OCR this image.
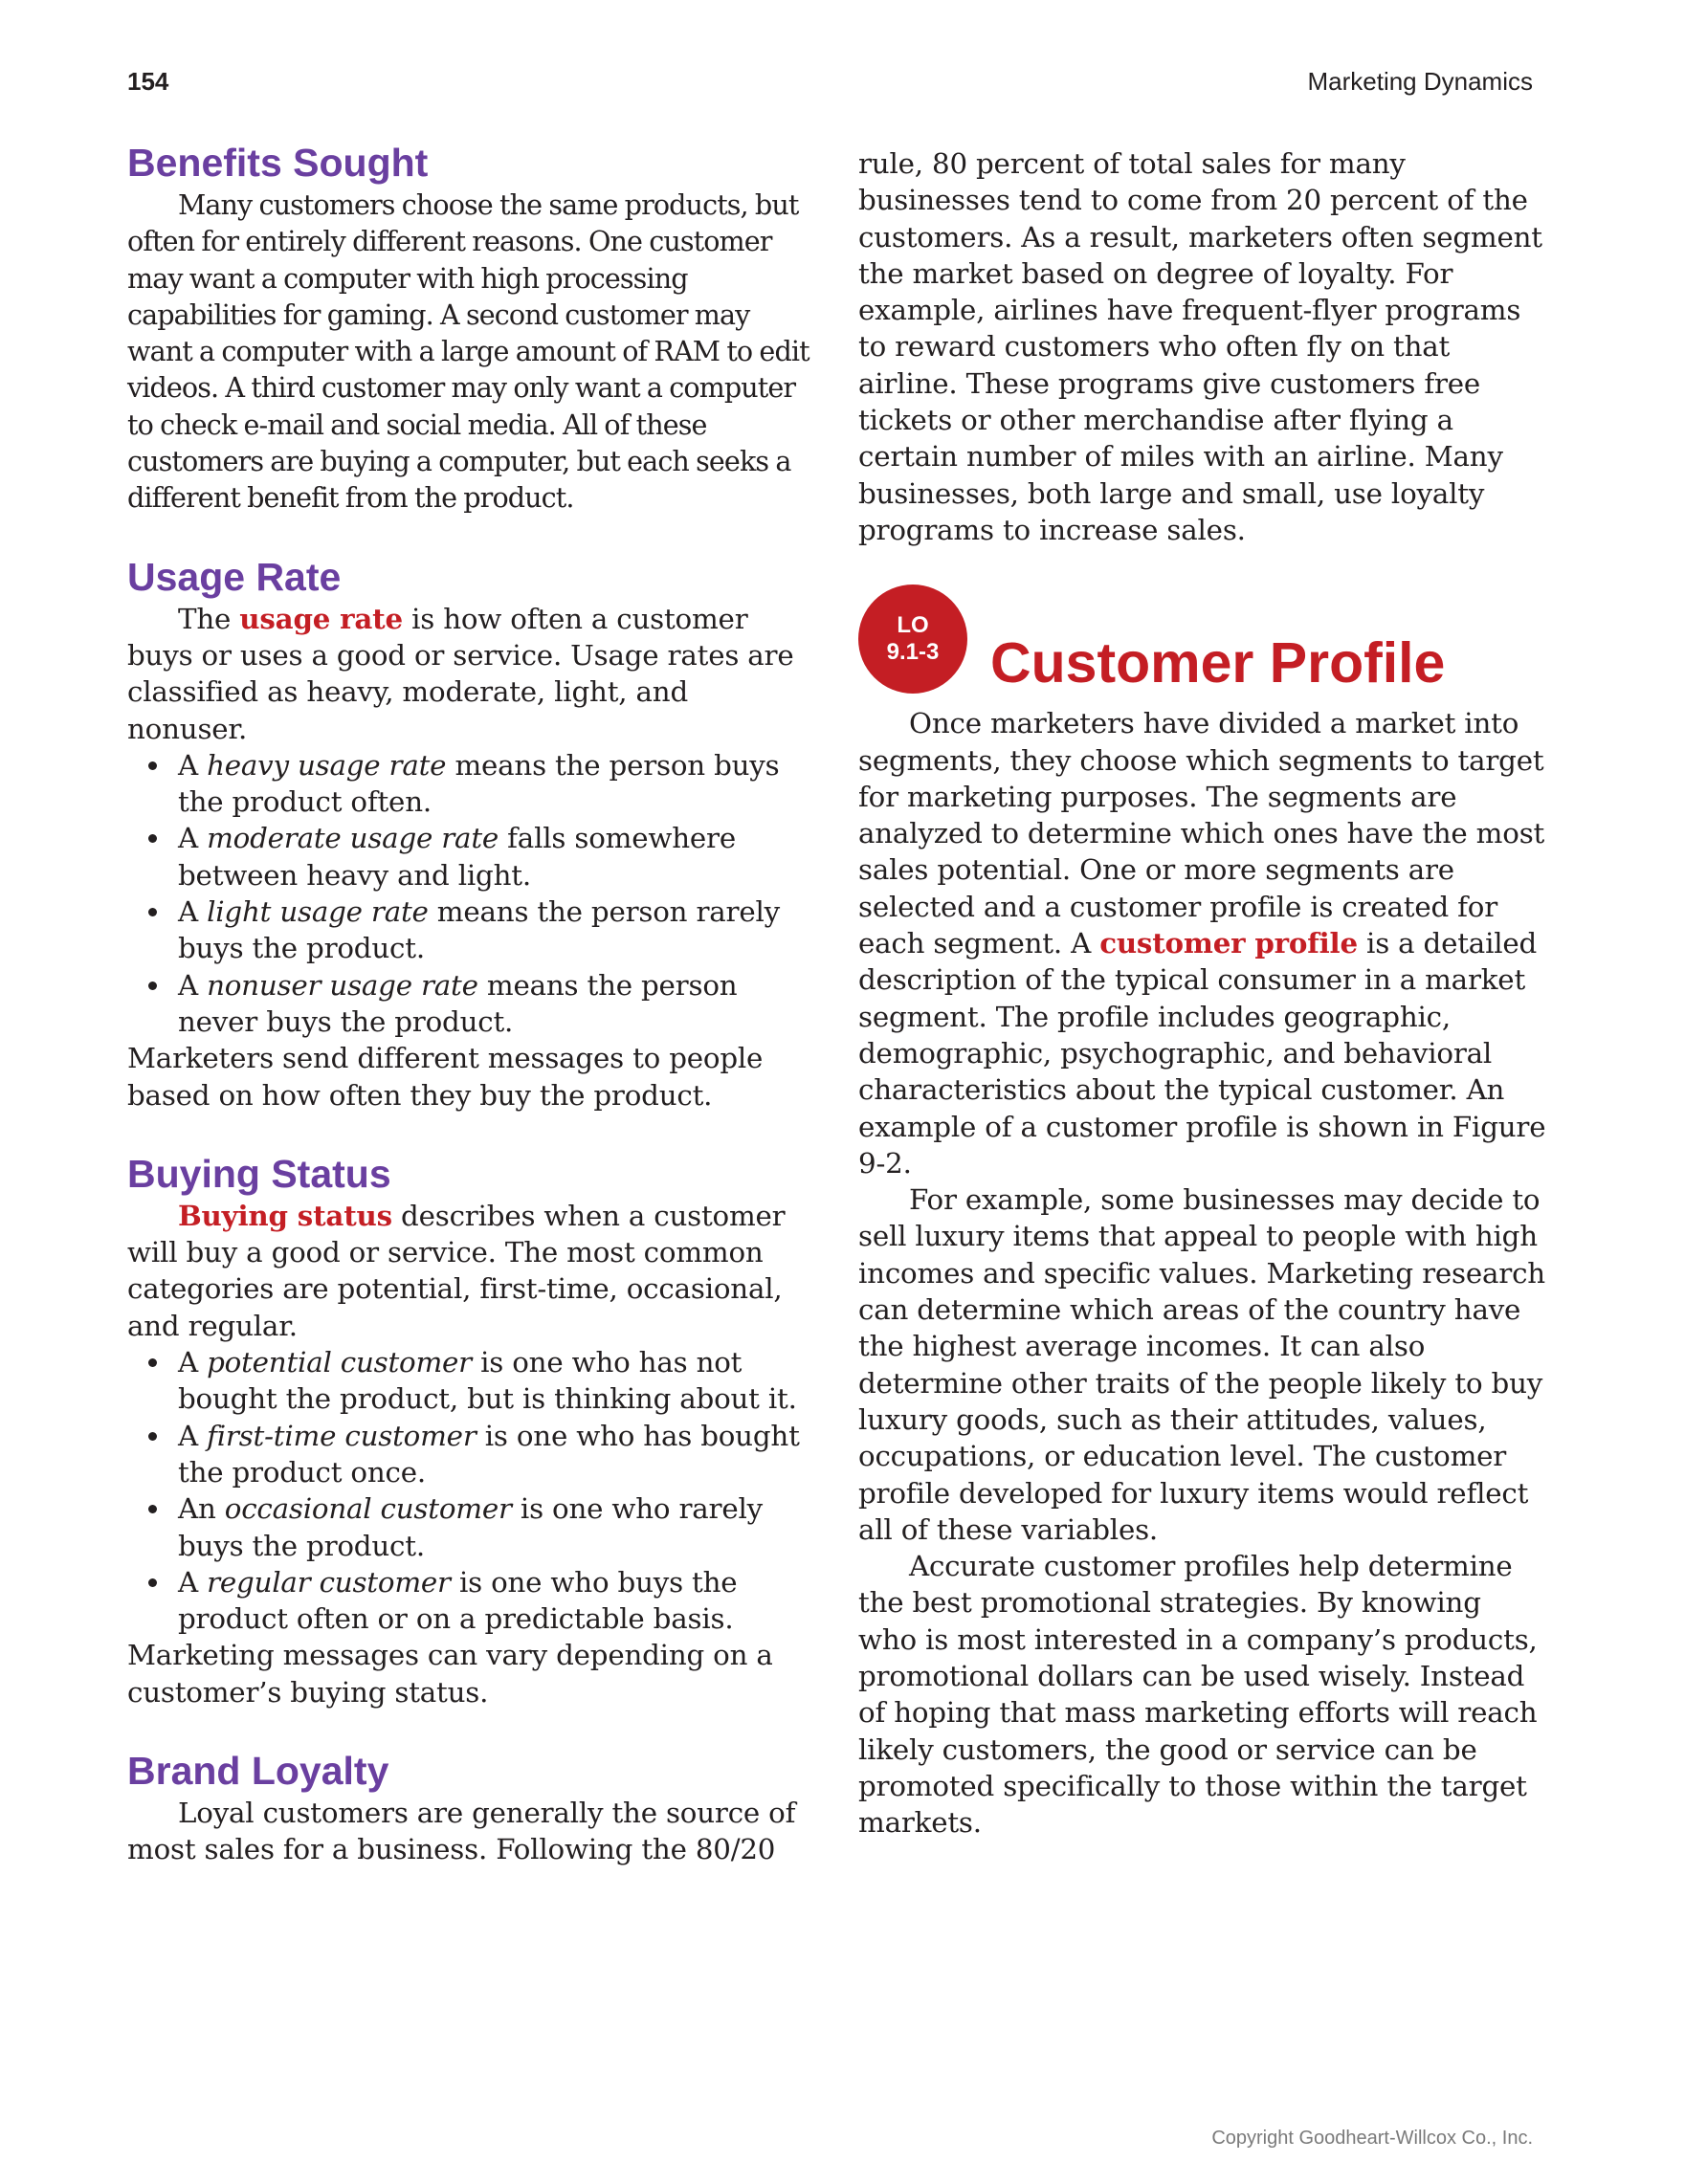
154	Marketing Dynamics
Benefits Sought

Many customers choose the same products, but often for entirely different reasons. One customer may want a computer with high processing capabilities for gaming. A second customer may want a computer with a large amount of RAM to edit videos. A third customer may only want a computer to check e-mail and social media. All of these customers are buying a computer, but each seeks a different benefit from the product.

Usage Rate

The usage rate is how often a customer buys or uses a good or service. Usage rates are classified as heavy, moderate, light, and nonuser.

A heavy usage rate means the person buys the product often.
A moderate usage rate falls somewhere between heavy and light.
A light usage rate means the person rarely buys the product.
A nonuser usage rate means the person never buys the product.

Marketers send different messages to people based on how often they buy the product.

Buying Status

Buying status describes when a customer will buy a good or service. The most common categories are potential, first-time, occasional, and regular.

A potential customer is one who has not bought the product, but is thinking about it.
A first-time customer is one who has bought the product once.
An occasional customer is one who rarely buys the product.
A regular customer is one who buys the product often or on a predictable basis.

Marketing messages can vary depending on a customer’s buying status.

Brand Loyalty

Loyal customers are generally the source of most sales for a business. Following the 80/20

rule, 80 percent of total sales for many businesses tend to come from 20 percent of the customers. As a result, marketers often segment the market based on degree of loyalty. For example, airlines have frequent-flyer programs to reward customers who often fly on that airline. These programs give customers free tickets or other merchandise after flying a certain number of miles with an airline. Many businesses, both large and small, use loyalty programs to increase sales.

LO
9.1-3 Customer Profile

Once marketers have divided a market into segments, they choose which segments to target for marketing purposes. The segments are analyzed to determine which ones have the most sales potential. One or more segments are selected and a customer profile is created for each segment. A customer profile is a detailed description of the typical consumer in a market segment. The profile includes geographic, demographic, psychographic, and behavioral characteristics about the typical customer. An example of a customer profile is shown in Figure 9-2.

For example, some businesses may decide to sell luxury items that appeal to people with high incomes and specific values. Marketing research can determine which areas of the country have the highest average incomes. It can also determine other traits of the people likely to buy luxury goods, such as their attitudes, values, occupations, or education level. The customer profile developed for luxury items would reflect all of these variables.

Accurate customer profiles help determine the best promotional strategies. By knowing who is most interested in a company’s products, promotional dollars can be used wisely. Instead of hoping that mass marketing efforts will reach likely customers, the good or service can be promoted specifically to those within the target markets.

Copyright Goodheart-Willcox Co., Inc.
